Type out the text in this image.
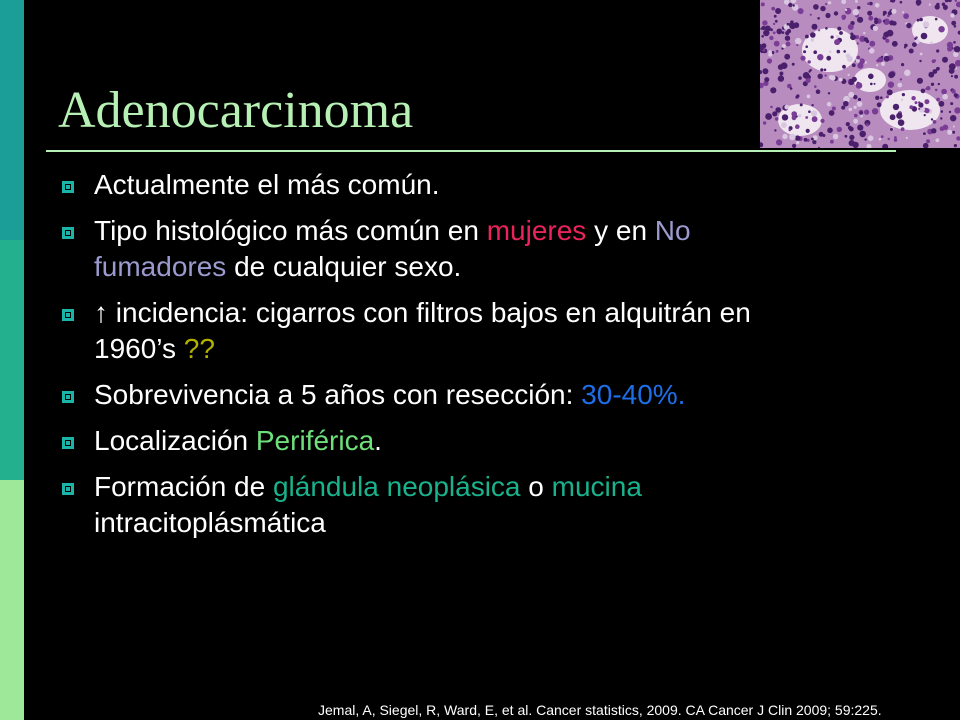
Adenocarcinoma
Actualmente el más común.
Tipo histológico más común en mujeres y en No fumadores de cualquier sexo.
↑ incidencia: cigarros con filtros bajos en alquitrán en 1960’s ??
Sobrevivencia a 5 años con resección: 30-40%.
Localización Periférica.
Formación de glándula neoplásica o mucina intracitoplásmática
Jemal, A, Siegel, R, Ward, E, et al. Cancer statistics, 2009. CA Cancer J Clin 2009; 59:225.
